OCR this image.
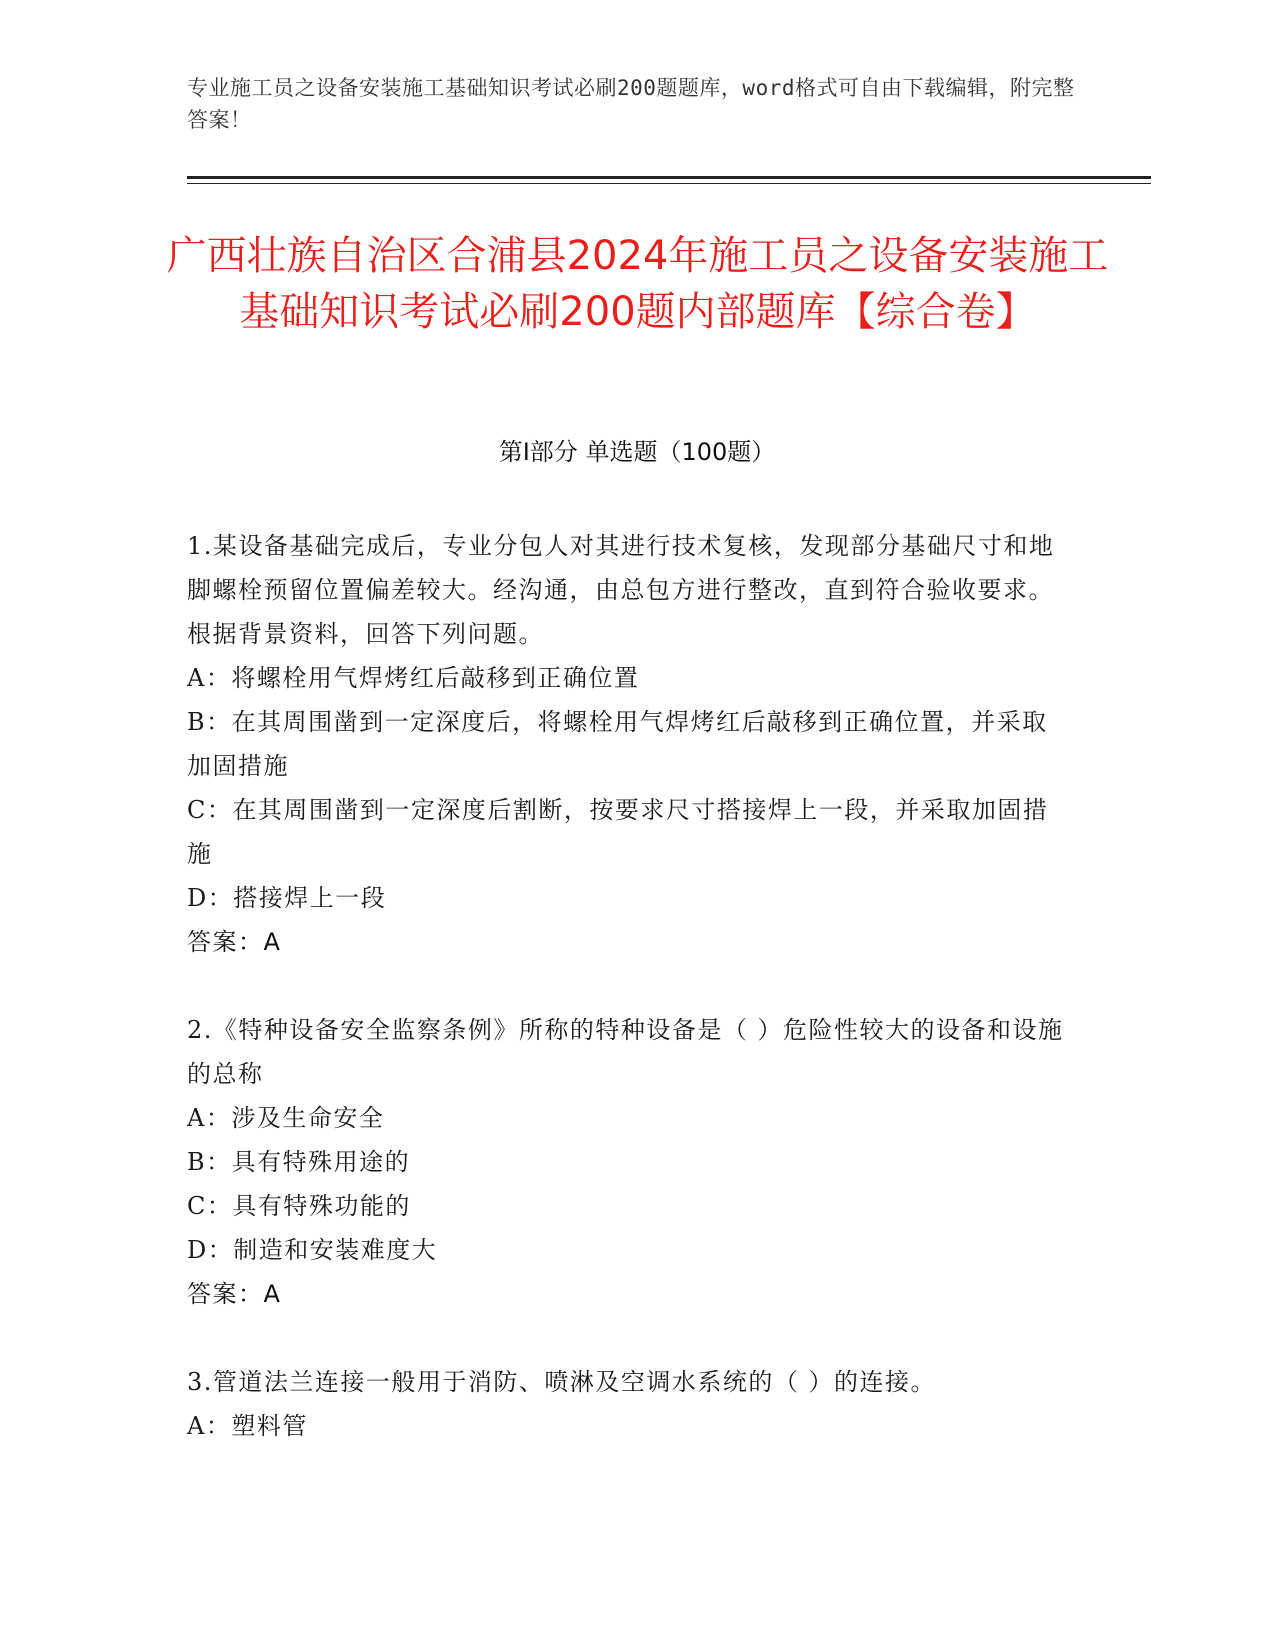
专业施工员之设备安装施工基础知识考试必刷200题题库，word格式可自由下载编辑，附完整答案！
广西壮族自治区合浦县2024年施工员之设备安装施工基础知识考试必刷200题内部题库【综合卷】
第I部分 单选题（100题）

1.某设备基础完成后，专业分包人对其进行技术复核，发现部分基础尺寸和地脚螺栓预留位置偏差较大。经沟通，由总包方进行整改，直到符合验收要求。根据背景资料，回答下列问题。

A：将螺栓用气焊烤红后敲移到正确位置

B：在其周围凿到一定深度后，将螺栓用气焊烤红后敲移到正确位置，并采取加固措施

C：在其周围凿到一定深度后割断，按要求尺寸搭接焊上一段，并采取加固措施

D：搭接焊上一段

答案：A

2.《特种设备安全监察条例》所称的特种设备是（ ）危险性较大的设备和设施的总称

A：涉及生命安全

B：具有特殊用途的

C：具有特殊功能的

D：制造和安装难度大

答案：A

3.管道法兰连接一般用于消防、喷淋及空调水系统的（ ）的连接。

A：塑料管
